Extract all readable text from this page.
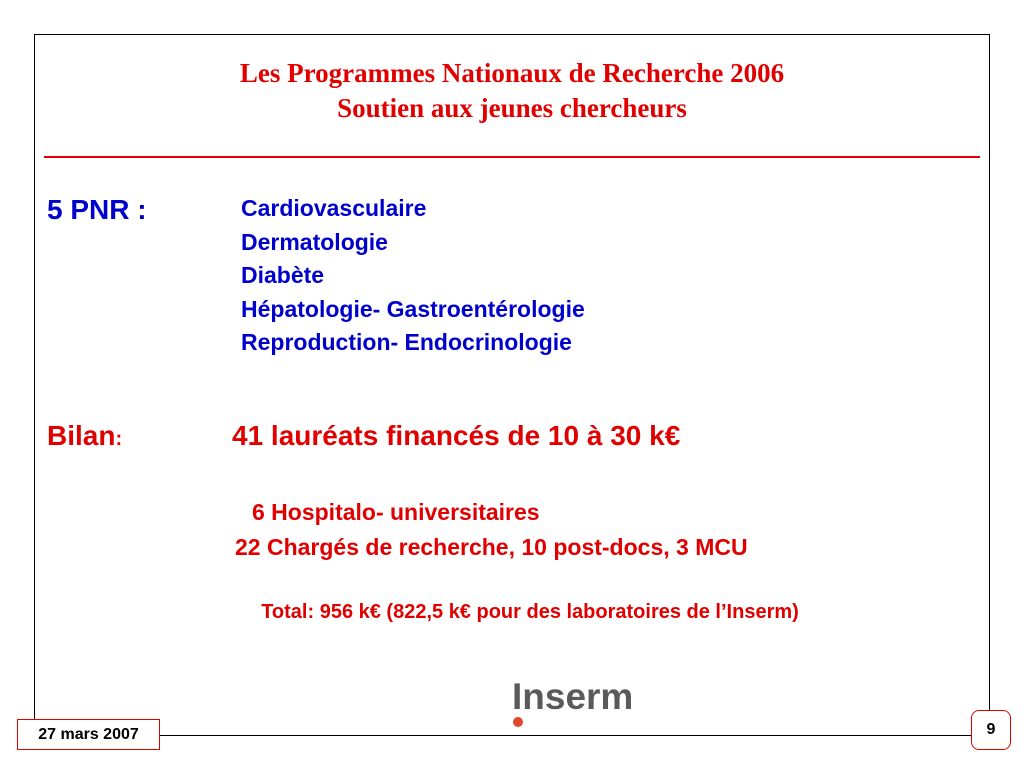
Les Programmes Nationaux de Recherche 2006
Soutien aux jeunes chercheurs
5 PNR :	Cardiovasculaire
Dermatologie
Diabète
Hépatologie- Gastroentérologie
Reproduction- Endocrinologie
Bilan:	41 lauréats financés de 10 à 30 k€
6 Hospitalo- universitaires
22 Chargés de recherche, 10 post-docs, 3 MCU
Total: 956 k€ (822,5 k€ pour des laboratoires de l’Inserm)
Inserm
27 mars 2007	9
